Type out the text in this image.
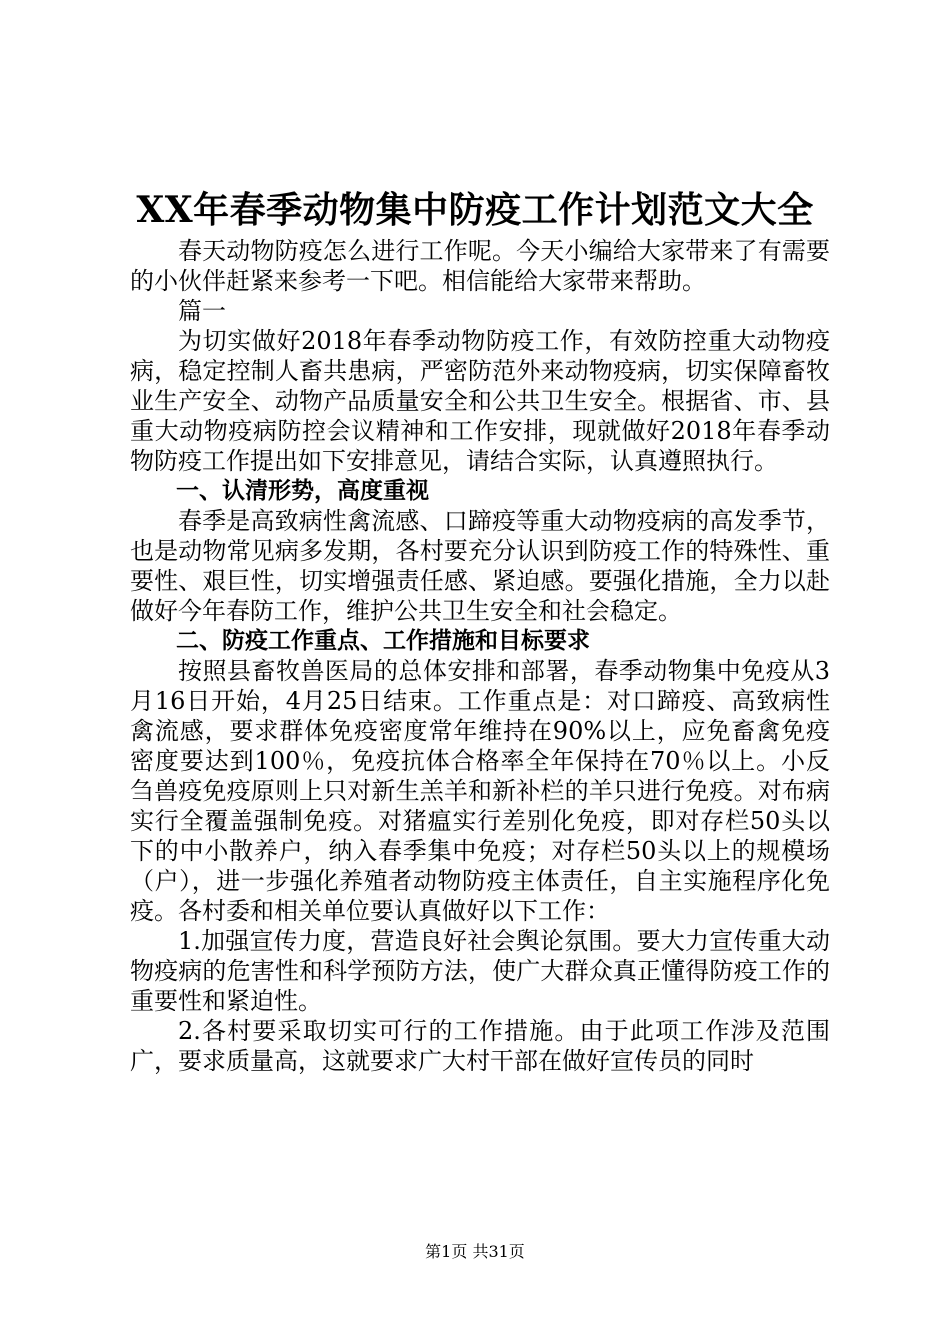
XX年春季动物集中防疫工作计划范文大全

春天动物防疫怎么进行工作呢。今天小编给大家带来了有需要的小伙伴赶紧来参考一下吧。相信能给大家带来帮助。

篇一

为切实做好2018年春季动物防疫工作，有效防控重大动物疫病，稳定控制人畜共患病，严密防范外来动物疫病，切实保障畜牧业生产安全、动物产品质量安全和公共卫生安全。根据省、市、县重大动物疫病防控会议精神和工作安排，现就做好2018年春季动物防疫工作提出如下安排意见，请结合实际，认真遵照执行。

一、认清形势，高度重视

春季是高致病性禽流感、口蹄疫等重大动物疫病的高发季节，也是动物常见病多发期，各村要充分认识到防疫工作的特殊性、重要性、艰巨性，切实增强责任感、紧迫感。要强化措施，全力以赴做好今年春防工作，维护公共卫生安全和社会稳定。

二、防疫工作重点、工作措施和目标要求

按照县畜牧兽医局的总体安排和部署，春季动物集中免疫从3月16日开始，4月25日结束。工作重点是：对口蹄疫、高致病性禽流感，要求群体免疫密度常年维持在90%以上，应免畜禽免疫密度要达到100％，免疫抗体合格率全年保持在70％以上。小反刍兽疫免疫原则上只对新生羔羊和新补栏的羊只进行免疫。对布病实行全覆盖强制免疫。对猪瘟实行差别化免疫，即对存栏50头以下的中小散养户，纳入春季集中免疫；对存栏50头以上的规模场（户），进一步强化养殖者动物防疫主体责任，自主实施程序化免疫。各村委和相关单位要认真做好以下工作：

1.加强宣传力度，营造良好社会舆论氛围。要大力宣传重大动物疫病的危害性和科学预防方法，使广大群众真正懂得防疫工作的重要性和紧迫性。

2.各村要采取切实可行的工作措施。由于此项工作涉及范围广，要求质量高，这就要求广大村干部在做好宣传员的同时

第1页 共31页
